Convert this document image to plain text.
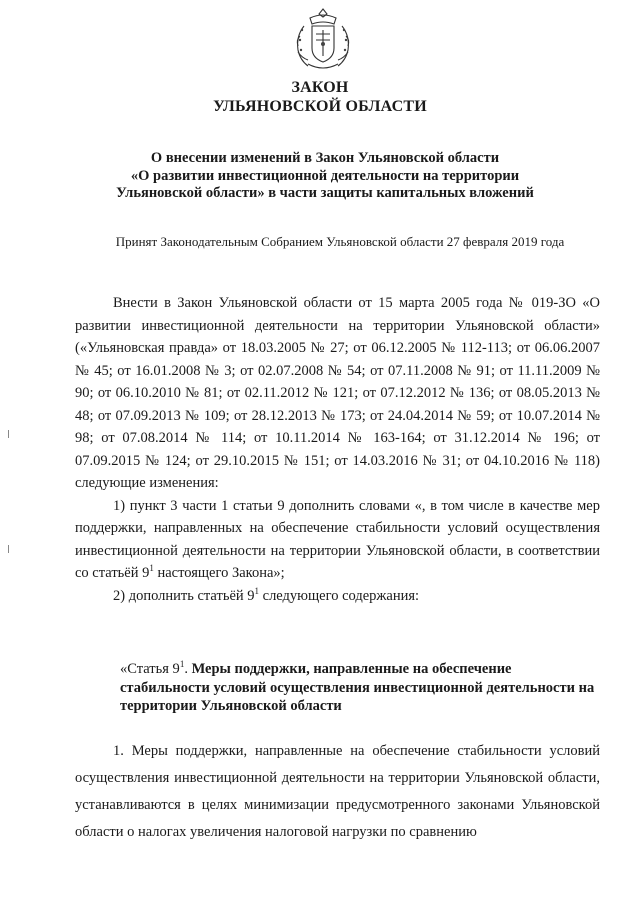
ЗАКОН
УЛЬЯНОВСКОЙ ОБЛАСТИ
О внесении изменений в Закон Ульяновской области
«О развитии инвестиционной деятельности на территории
Ульяновской области» в части защиты капитальных вложений
Принят Законодательным Собранием Ульяновской области 27 февраля 2019 года

Внести в Закон Ульяновской области от 15 марта 2005 года № 019-ЗО «О развитии инвестиционной деятельности на территории Ульяновской области» («Ульяновская правда» от 18.03.2005 № 27; от 06.12.2005 № 112-113; от 06.06.2007 № 45; от 16.01.2008 № 3; от 02.07.2008 № 54; от 07.11.2008 № 91; от 11.11.2009 № 90; от 06.10.2010 № 81; от 02.11.2012 № 121; от 07.12.2012 № 136; от 08.05.2013 № 48; от 07.09.2013 № 109; от 28.12.2013 № 173; от 24.04.2014 № 59; от 10.07.2014 № 98; от 07.08.2014 № 114; от 10.11.2014 № 163-164; от 31.12.2014 № 196; от 07.09.2015 № 124; от 29.10.2015 № 151; от 14.03.2016 № 31; от 04.10.2016 № 118) следующие изменения:

1) пункт 3 части 1 статьи 9 дополнить словами «, в том числе в качестве мер поддержки, направленных на обеспечение стабильности условий осуществления инвестиционной деятельности на территории Ульяновской области, в соответствии со статьёй $9^1$ настоящего Закона»;

2) дополнить статьёй $9^1$ следующего содержания:

«Статья $9^1$. Меры поддержки, направленные на обеспечение стабильности условий осуществления инвестиционной деятельности на территории Ульяновской области

1. Меры поддержки, направленные на обеспечение стабильности условий осуществления инвестиционной деятельности на территории Ульяновской области, устанавливаются в целях минимизации предусмотренного законами Ульяновской области о налогах увеличения налоговой нагрузки по сравнению
